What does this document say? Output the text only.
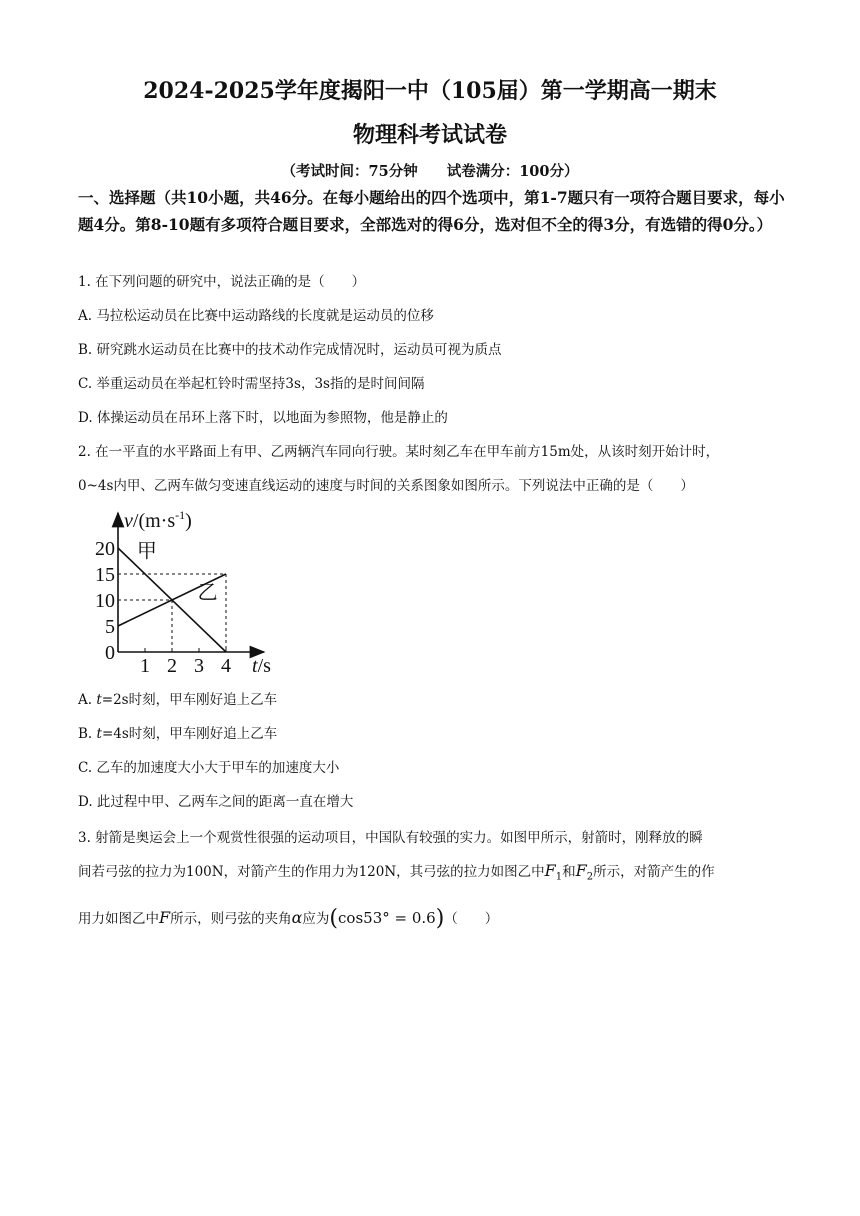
2024-2025学年度揭阳一中（105届）第一学期高一期末
物理科考试试卷
（考试时间：75分钟　　试卷满分：100分）
一、选择题（共10小题，共46分。在每小题给出的四个选项中，第1-7题只有一项符合题目要求，每小题4分。第8-10题有多项符合题目要求，全部选对的得6分，选对但不全的得3分，有选错的得0分。）
1. 在下列问题的研究中，说法正确的是（　　）
A. 马拉松运动员在比赛中运动路线的长度就是运动员的位移
B. 研究跳水运动员在比赛中的技术动作完成情况时，运动员可视为质点
C. 举重运动员在举起杠铃时需坚持3s，3s指的是时间间隔
D. 体操运动员在吊环上落下时，以地面为参照物，他是静止的
2. 在一平直的水平路面上有甲、乙两辆汽车同向行驶。某时刻乙车在甲车前方15m处，从该时刻开始计时，
0~4s内甲、乙两车做匀变速直线运动的速度与时间的关系图象如图所示。下列说法中正确的是（　　）
甲
乙
1 2 3 4
0
5
10
15
20
$v/(m\cdot s^{-1})$
t/s
A. t=2s时刻，甲车刚好追上乙车
B. t=4s时刻，甲车刚好追上乙车
C. 乙车的加速度大小大于甲车的加速度大小
D. 此过程中甲、乙两车之间的距离一直在增大
3. 射箭是奥运会上一个观赏性很强的运动项目，中国队有较强的实力。如图甲所示，射箭时，刚释放的瞬
间若弓弦的拉力为100N，对箭产生的作用力为120N，其弓弦的拉力如图乙中$F_1$和$F_2$所示，对箭产生的作
用力如图乙中F所示，则弓弦的夹角α应为(cos53° = 0.6)（　　）
